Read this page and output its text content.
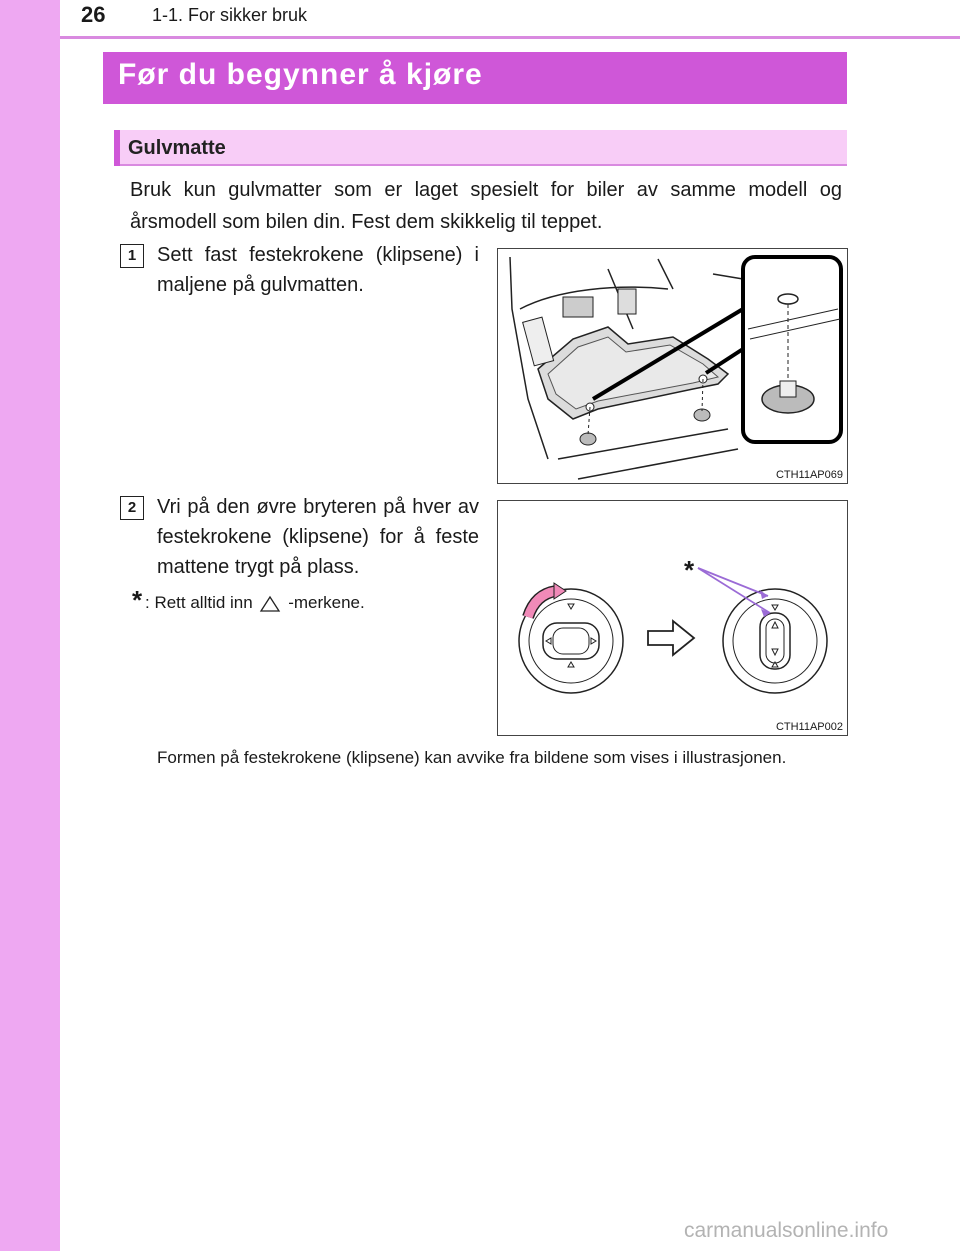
26	1-1. For sikker bruk
Før du begynner å kjøre
Gulvmatte
Bruk kun gulvmatter som er laget spesielt for biler av samme modell og årsmodell som bilen din. Fest dem skikkelig til teppet.
1	Sett fast festekrokene (klipsene) i maljene på gulvmatten.
CTH11AP069
2	Vri på den øvre bryteren på hver av festekrokene (klipsene) for å feste mattene trygt på plass.
* : Rett alltid inn -merkene.
*
CTH11AP002
Formen på festekrokene (klipsene) kan avvike fra bildene som vises i illustrasjonen.
carmanualsonline.info
